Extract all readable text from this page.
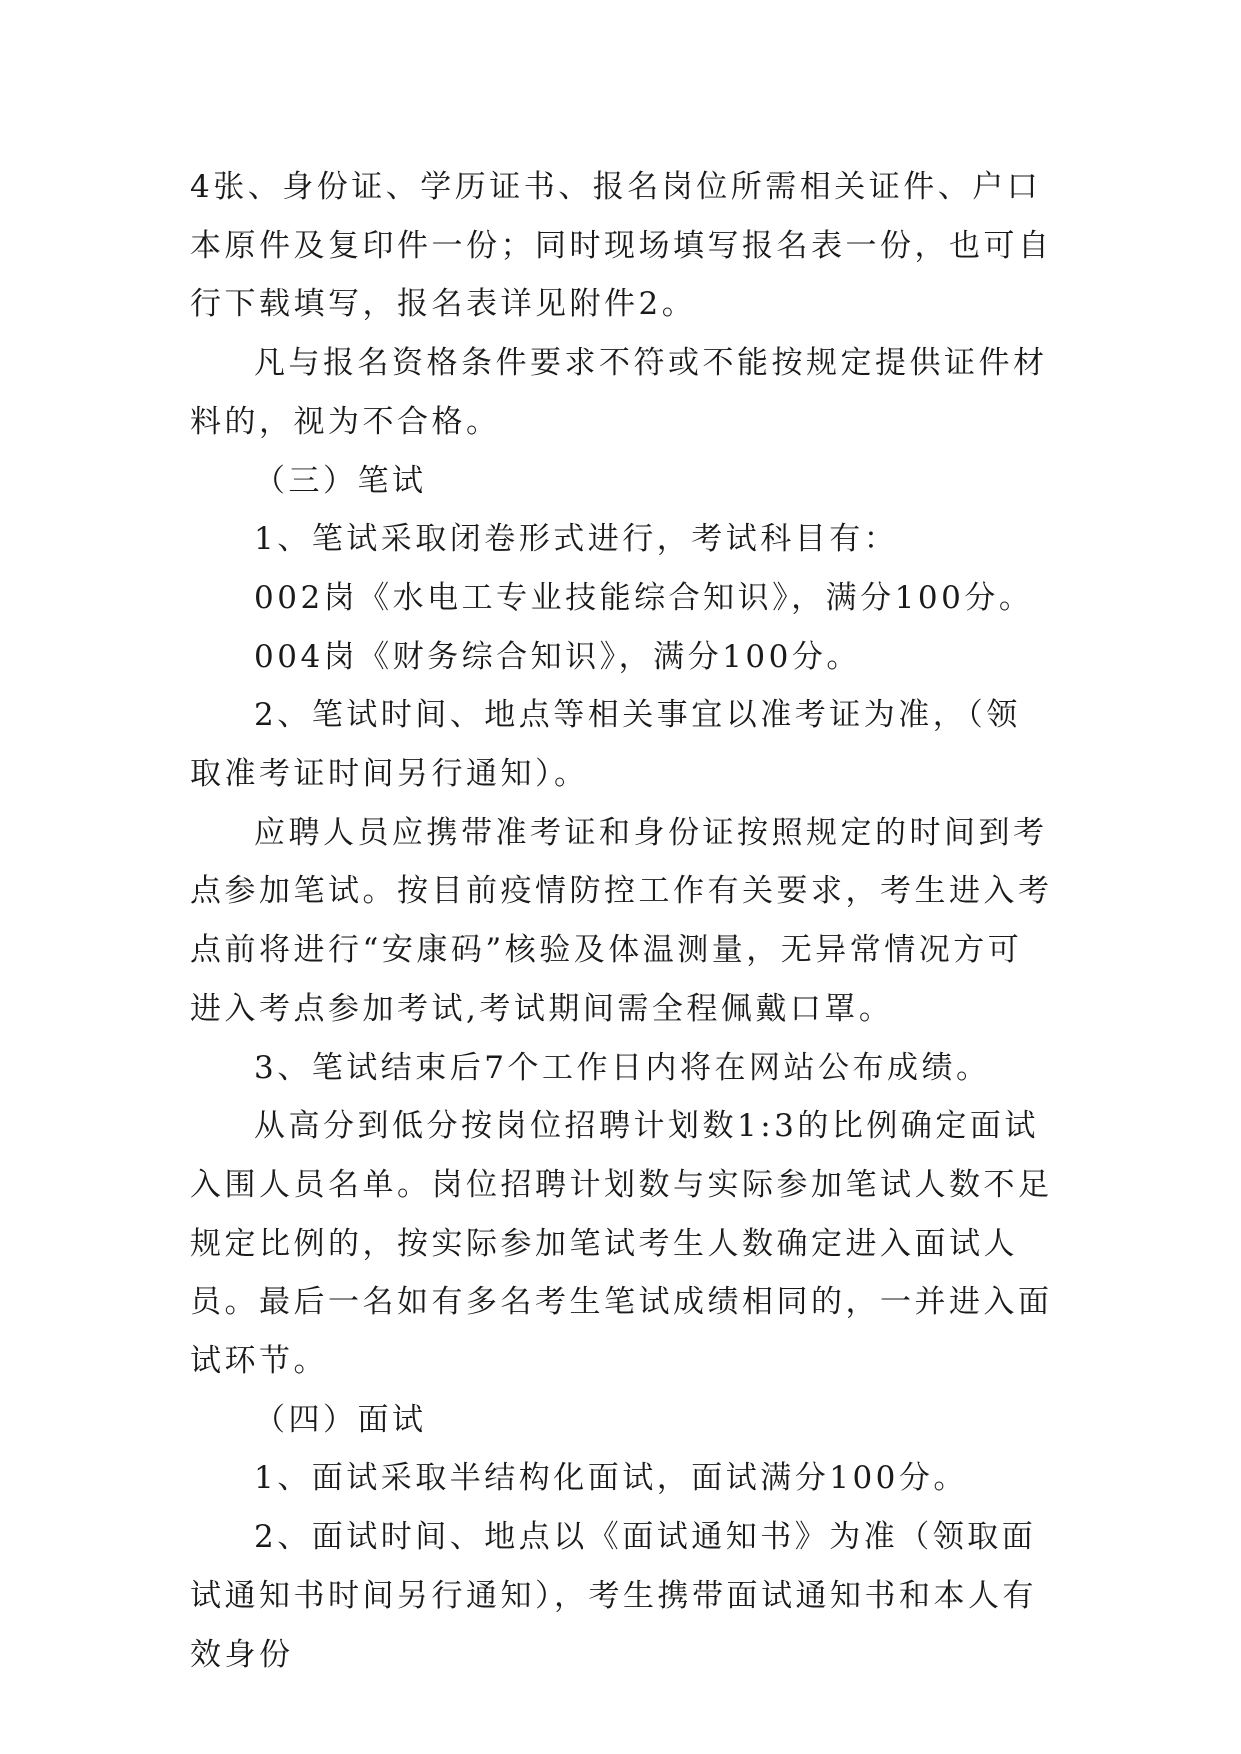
4张、身份证、学历证书、报名岗位所需相关证件、户口本原件及复印件一份；同时现场填写报名表一份，也可自行下载填写，报名表详见附件2。

凡与报名资格条件要求不符或不能按规定提供证件材料的，视为不合格。

（三）笔试

1、笔试采取闭卷形式进行，考试科目有：

002岗《水电工专业技能综合知识》，满分100分。

004岗《财务综合知识》，满分100分。

2、笔试时间、地点等相关事宜以准考证为准，（领取准考证时间另行通知）。

应聘人员应携带准考证和身份证按照规定的时间到考点参加笔试。按目前疫情防控工作有关要求，考生进入考点前将进行“安康码”核验及体温测量，无异常情况方可进入考点参加考试,考试期间需全程佩戴口罩。

3、笔试结束后7个工作日内将在网站公布成绩。

从高分到低分按岗位招聘计划数1:3的比例确定面试入围人员名单。岗位招聘计划数与实际参加笔试人数不足规定比例的，按实际参加笔试考生人数确定进入面试人员。最后一名如有多名考生笔试成绩相同的，一并进入面试环节。

（四）面试

1、面试采取半结构化面试，面试满分100分。

2、面试时间、地点以《面试通知书》为准（领取面试通知书时间另行通知），考生携带面试通知书和本人有效身份
